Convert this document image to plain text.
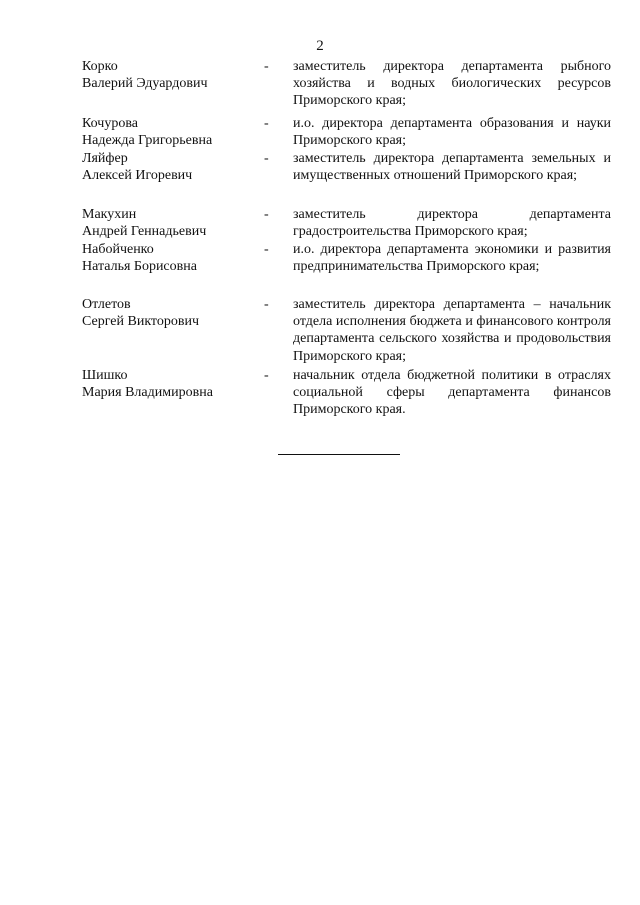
2
Корко
Валерий Эдуардович
- заместитель директора департамента рыбного хозяйства и водных биологических ресурсов Приморского края;
Кочурова
Надежда Григорьевна
- и.о. директора департамента образования и науки Приморского края;
Ляйфер
Алексей Игоревич
- заместитель директора департамента земельных и имущественных отношений Приморского края;
Макухин
Андрей Геннадьевич
- заместитель директора департамента градостроительства Приморского края;
Набойченко
Наталья Борисовна
- и.о. директора департамента экономики и развития предпринимательства Приморского края;
Отлетов
Сергей Викторович
- заместитель директора департамента – начальник отдела исполнения бюджета и финансового контроля департамента сельского хозяйства и продовольствия Приморского края;
Шишко
Мария Владимировна
- начальник отдела бюджетной политики в отраслях социальной сферы департамента финансов Приморского края.
